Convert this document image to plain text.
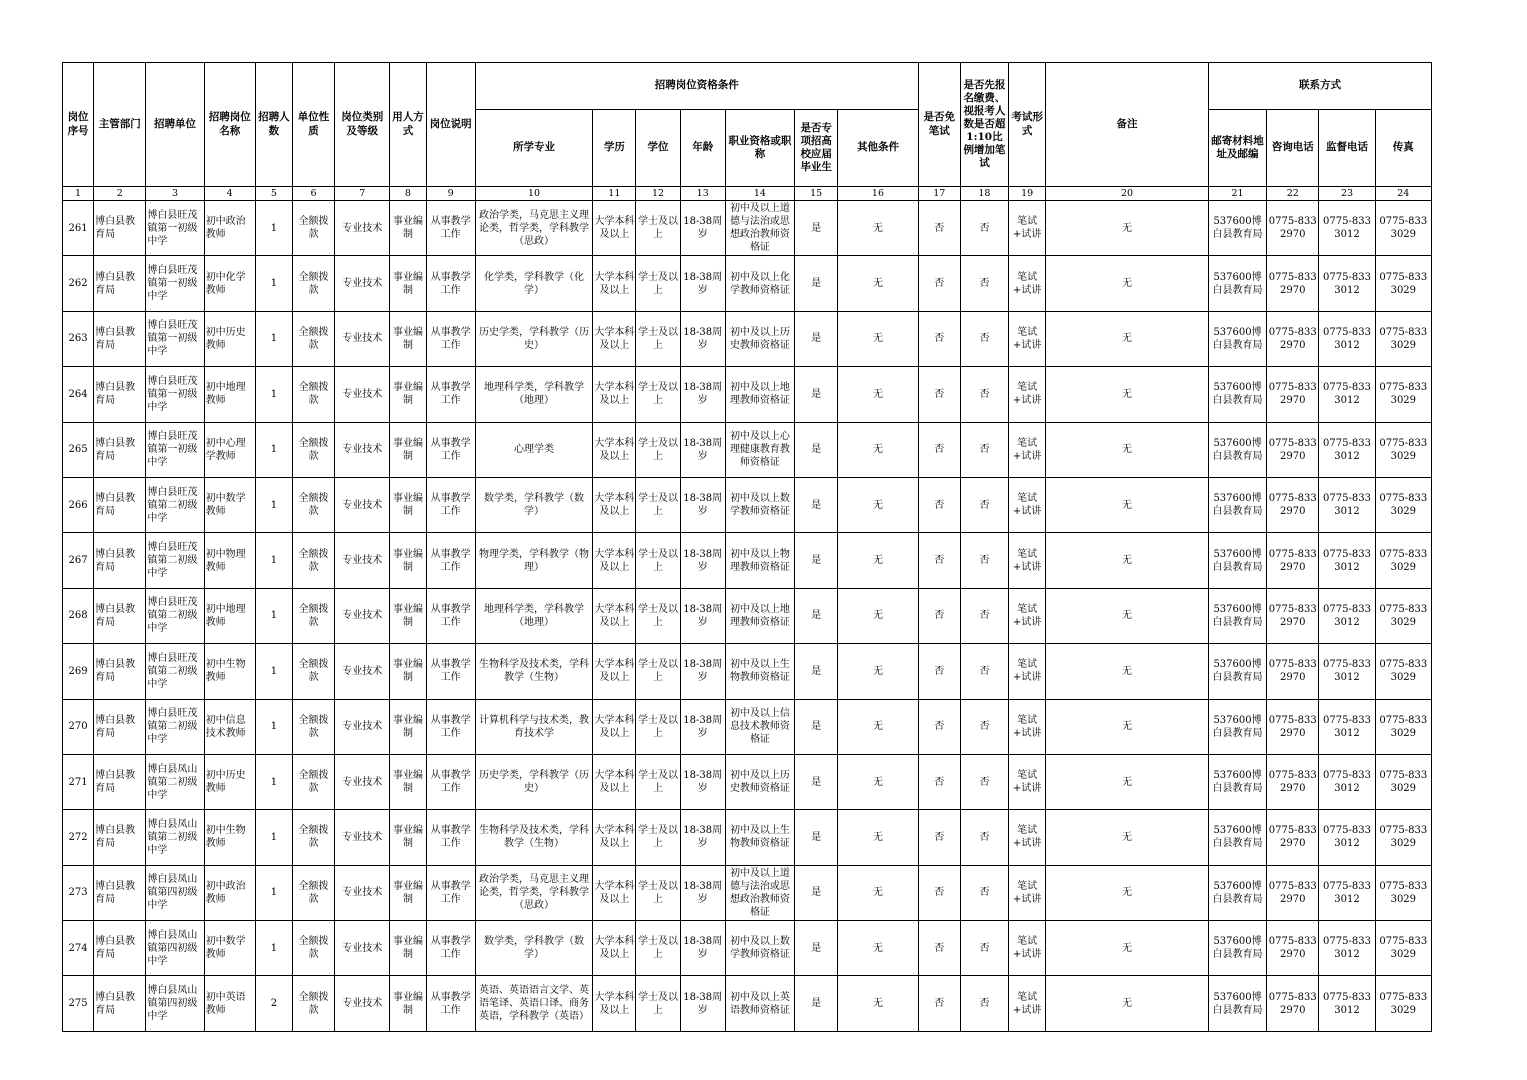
岗位序号	主管部门	招聘单位	招聘岗位名称	招聘人数	单位性质	岗位类别及等级	用人方式	岗位说明	招聘岗位资格条件							是否免笔试	是否先报名缴费、视报考人数是否超1:10比例增加笔试	考试形式	备注	联系方式			
									所学专业	学历	学位	年龄	职业资格或职称	是否专项招高校应届毕业生	其他条件					邮寄材料地址及邮编	咨询电话	监督电话	传真
1	2	3	4	5	6	7	8	9	10	11	12	13	14	15	16	17	18	19	20	21	22	23	24
261	博白县教育局	博白县旺茂镇第一初级中学	初中政治教师	1	全额拨款	专业技术	事业编制	从事教学工作	政治学类，马克思主义理论类，哲学类，学科教学（思政）	大学本科及以上	学士及以上	18-38周岁	初中及以上道德与法治或思想政治教师资格证	是	无	否	否	笔试+试讲	无	537600博白县教育局	0775-8332970	0775-8333012	0775-8333029
262	博白县教育局	博白县旺茂镇第一初级中学	初中化学教师	1	全额拨款	专业技术	事业编制	从事教学工作	化学类，学科教学（化学）	大学本科及以上	学士及以上	18-38周岁	初中及以上化学教师资格证	是	无	否	否	笔试+试讲	无	537600博白县教育局	0775-8332970	0775-8333012	0775-8333029
263	博白县教育局	博白县旺茂镇第一初级中学	初中历史教师	1	全额拨款	专业技术	事业编制	从事教学工作	历史学类，学科教学（历史）	大学本科及以上	学士及以上	18-38周岁	初中及以上历史教师资格证	是	无	否	否	笔试+试讲	无	537600博白县教育局	0775-8332970	0775-8333012	0775-8333029
264	博白县教育局	博白县旺茂镇第一初级中学	初中地理教师	1	全额拨款	专业技术	事业编制	从事教学工作	地理科学类，学科教学（地理）	大学本科及以上	学士及以上	18-38周岁	初中及以上地理教师资格证	是	无	否	否	笔试+试讲	无	537600博白县教育局	0775-8332970	0775-8333012	0775-8333029
265	博白县教育局	博白县旺茂镇第一初级中学	初中心理学教师	1	全额拨款	专业技术	事业编制	从事教学工作	心理学类	大学本科及以上	学士及以上	18-38周岁	初中及以上心理健康教育教师资格证	是	无	否	否	笔试+试讲	无	537600博白县教育局	0775-8332970	0775-8333012	0775-8333029
266	博白县教育局	博白县旺茂镇第二初级中学	初中数学教师	1	全额拨款	专业技术	事业编制	从事教学工作	数学类，学科教学（数学）	大学本科及以上	学士及以上	18-38周岁	初中及以上数学教师资格证	是	无	否	否	笔试+试讲	无	537600博白县教育局	0775-8332970	0775-8333012	0775-8333029
267	博白县教育局	博白县旺茂镇第二初级中学	初中物理教师	1	全额拨款	专业技术	事业编制	从事教学工作	物理学类，学科教学（物理）	大学本科及以上	学士及以上	18-38周岁	初中及以上物理教师资格证	是	无	否	否	笔试+试讲	无	537600博白县教育局	0775-8332970	0775-8333012	0775-8333029
268	博白县教育局	博白县旺茂镇第二初级中学	初中地理教师	1	全额拨款	专业技术	事业编制	从事教学工作	地理科学类，学科教学（地理）	大学本科及以上	学士及以上	18-38周岁	初中及以上地理教师资格证	是	无	否	否	笔试+试讲	无	537600博白县教育局	0775-8332970	0775-8333012	0775-8333029
269	博白县教育局	博白县旺茂镇第二初级中学	初中生物教师	1	全额拨款	专业技术	事业编制	从事教学工作	生物科学及技术类，学科教学（生物）	大学本科及以上	学士及以上	18-38周岁	初中及以上生物教师资格证	是	无	否	否	笔试+试讲	无	537600博白县教育局	0775-8332970	0775-8333012	0775-8333029
270	博白县教育局	博白县旺茂镇第二初级中学	初中信息技术教师	1	全额拨款	专业技术	事业编制	从事教学工作	计算机科学与技术类，教育技术学	大学本科及以上	学士及以上	18-38周岁	初中及以上信息技术教师资格证	是	无	否	否	笔试+试讲	无	537600博白县教育局	0775-8332970	0775-8333012	0775-8333029
271	博白县教育局	博白县凤山镇第二初级中学	初中历史教师	1	全额拨款	专业技术	事业编制	从事教学工作	历史学类，学科教学（历史）	大学本科及以上	学士及以上	18-38周岁	初中及以上历史教师资格证	是	无	否	否	笔试+试讲	无	537600博白县教育局	0775-8332970	0775-8333012	0775-8333029
272	博白县教育局	博白县凤山镇第二初级中学	初中生物教师	1	全额拨款	专业技术	事业编制	从事教学工作	生物科学及技术类，学科教学（生物）	大学本科及以上	学士及以上	18-38周岁	初中及以上生物教师资格证	是	无	否	否	笔试+试讲	无	537600博白县教育局	0775-8332970	0775-8333012	0775-8333029
273	博白县教育局	博白县凤山镇第四初级中学	初中政治教师	1	全额拨款	专业技术	事业编制	从事教学工作	政治学类，马克思主义理论类，哲学类，学科教学（思政）	大学本科及以上	学士及以上	18-38周岁	初中及以上道德与法治或思想政治教师资格证	是	无	否	否	笔试+试讲	无	537600博白县教育局	0775-8332970	0775-8333012	0775-8333029
274	博白县教育局	博白县凤山镇第四初级中学	初中数学教师	1	全额拨款	专业技术	事业编制	从事教学工作	数学类，学科教学（数学）	大学本科及以上	学士及以上	18-38周岁	初中及以上数学教师资格证	是	无	否	否	笔试+试讲	无	537600博白县教育局	0775-8332970	0775-8333012	0775-8333029
275	博白县教育局	博白县凤山镇第四初级中学	初中英语教师	2	全额拨款	专业技术	事业编制	从事教学工作	英语、英语语言文学、英语笔译、英语口译、商务英语，学科教学（英语）	大学本科及以上	学士及以上	18-38周岁	初中及以上英语教师资格证	是	无	否	否	笔试+试讲	无	537600博白县教育局	0775-8332970	0775-8333012	0775-8333029
